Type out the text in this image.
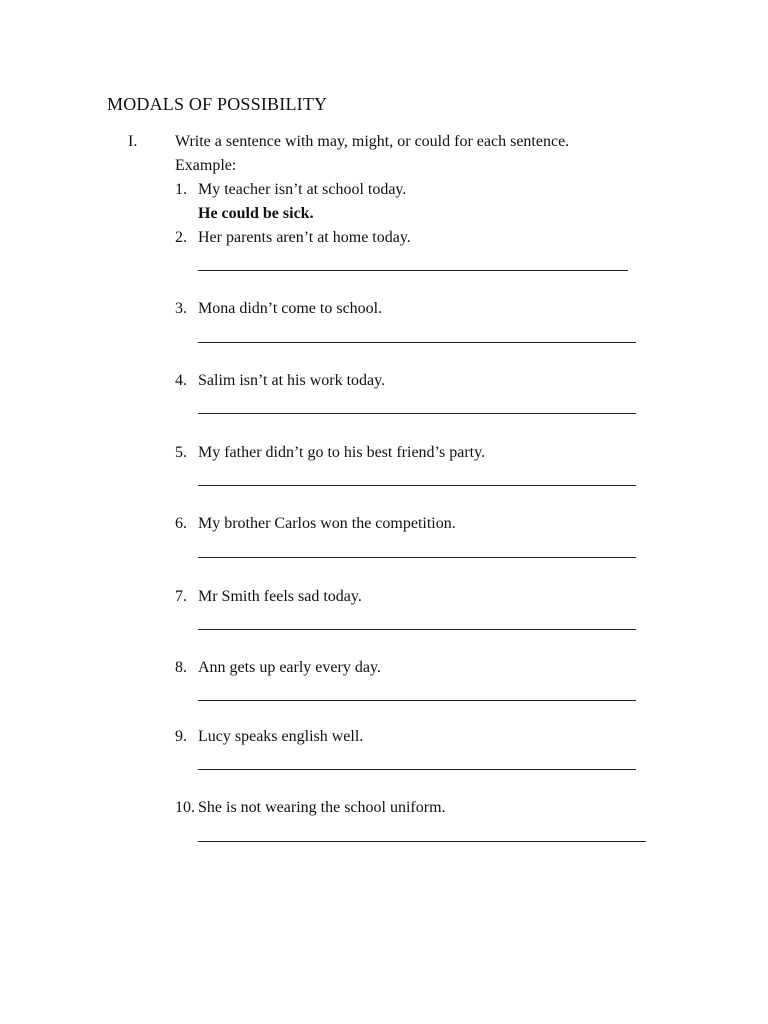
MODALS OF POSSIBILITY
I. Write a sentence with may, might, or could for each sentence.
Example:
1. My teacher isn’t at school today.
He could be sick.
2. Her parents aren’t at home today.
3. Mona didn’t come to school.
4. Salim isn’t at his work today.
5. My father didn’t go to his best friend’s party.
6. My brother Carlos won the competition.
7. Mr Smith feels sad today.
8. Ann gets up early every day.
9. Lucy speaks english well.
10. She is not wearing the school uniform.
